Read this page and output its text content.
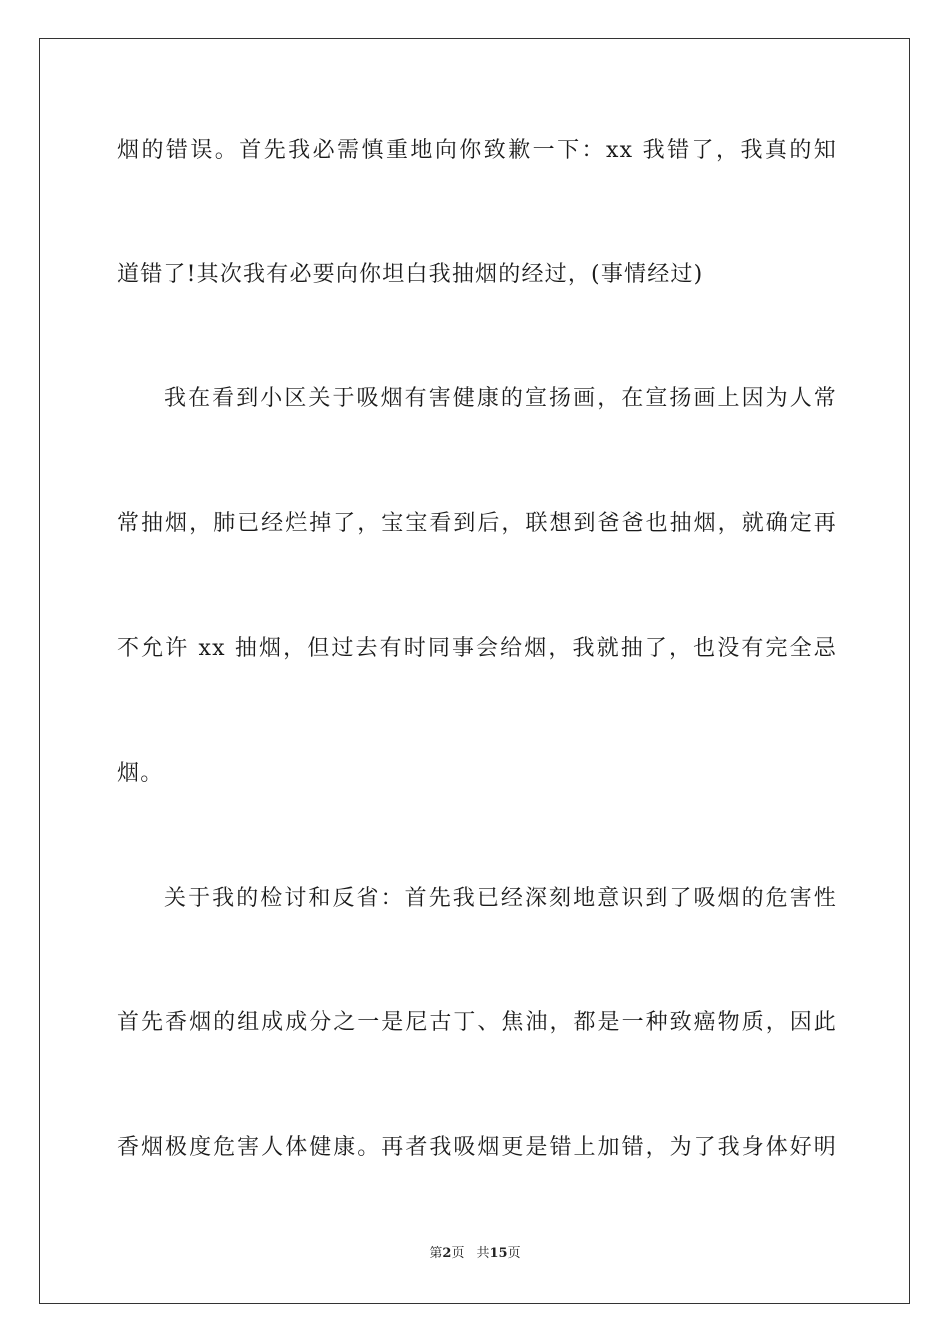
烟的错误。首先我必需慎重地向你致歉一下：xx 我错了，我真的知
道错了!其次我有必要向你坦白我抽烟的经过，(事情经过)
我在看到小区关于吸烟有害健康的宣扬画，在宣扬画上因为人常
常抽烟，肺已经烂掉了，宝宝看到后，联想到爸爸也抽烟，就确定再
不允许 xx 抽烟，但过去有时同事会给烟，我就抽了，也没有完全忌
烟。
关于我的检讨和反省：首先我已经深刻地意识到了吸烟的危害性
首先香烟的组成成分之一是尼古丁、焦油，都是一种致癌物质，因此
香烟极度危害人体健康。再者我吸烟更是错上加错，为了我身体好明
第2页 共15页
